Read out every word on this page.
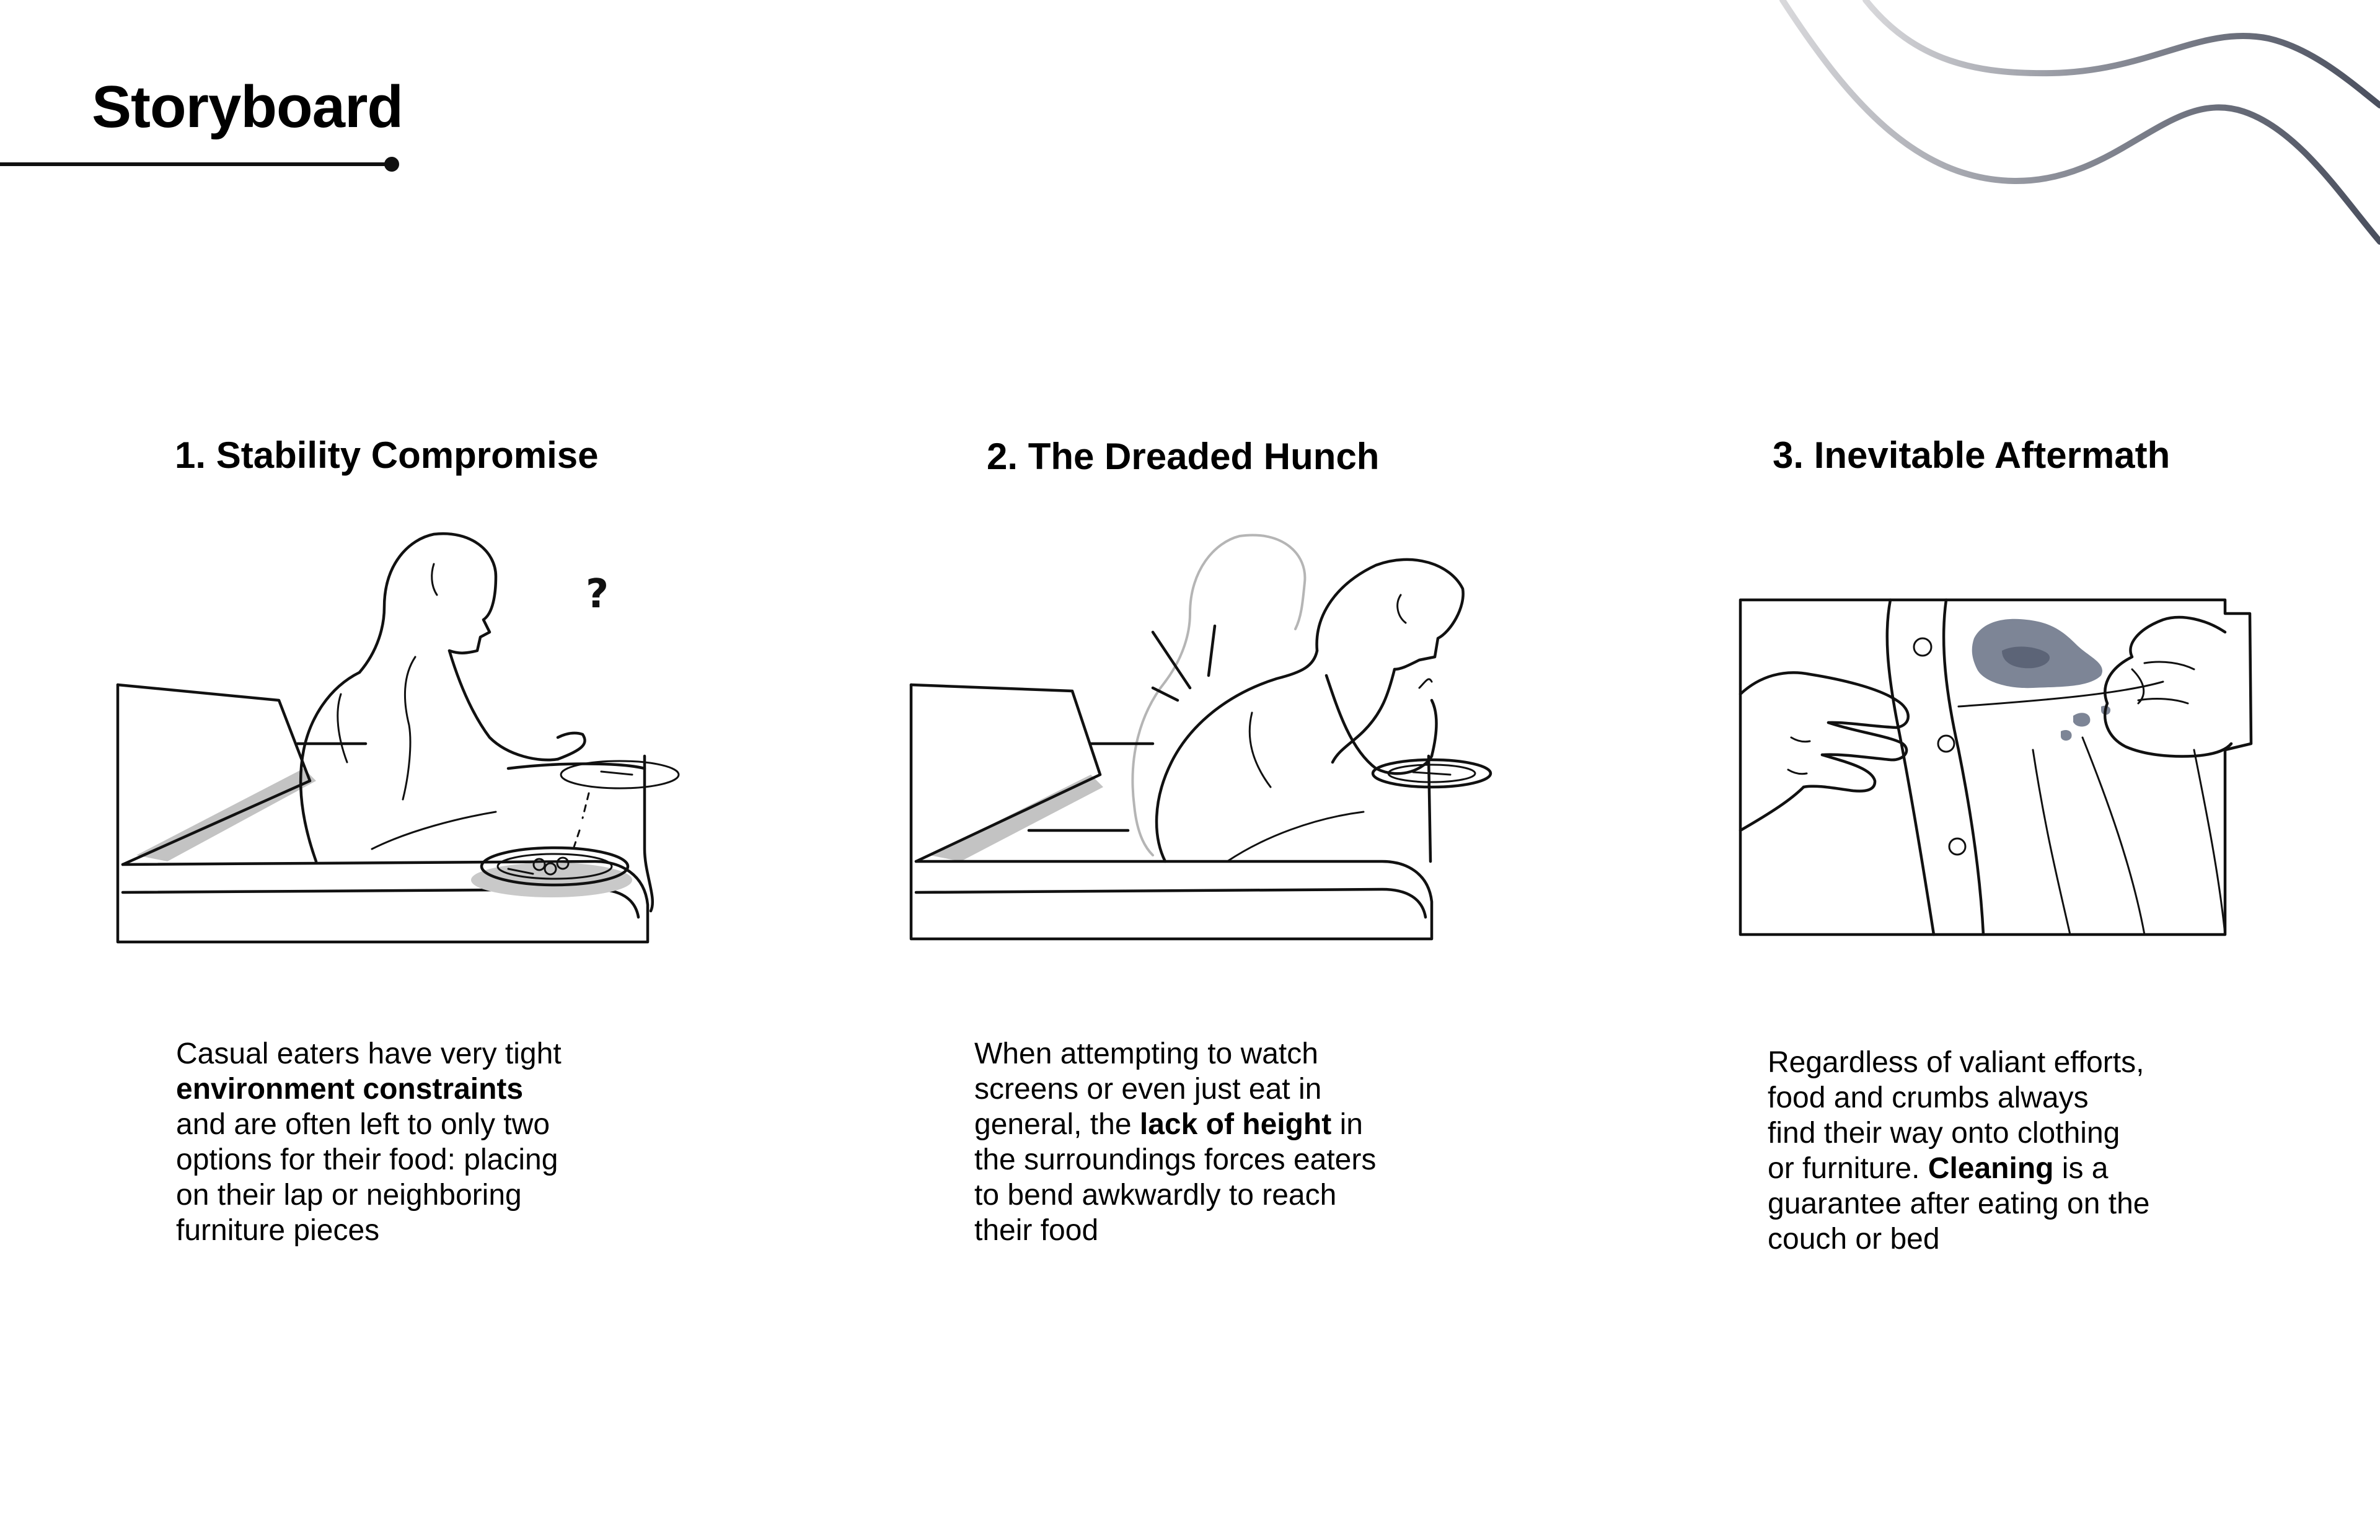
Storyboard
1. Stability Compromise
?

Casual eaters have very tight
environment constraints
and are often left to only two
options for their food: placing
on their lap or neighboring
furniture pieces

2. The Dreaded Hunch

When attempting to watch
screens or even just eat in
general, the lack of height in
the surroundings forces eaters
to bend awkwardly to reach
their food

3. Inevitable Aftermath

Regardless of valiant efforts,
food and crumbs always
find their way onto clothing
or furniture. Cleaning is a
guarantee after eating on the
couch or bed
